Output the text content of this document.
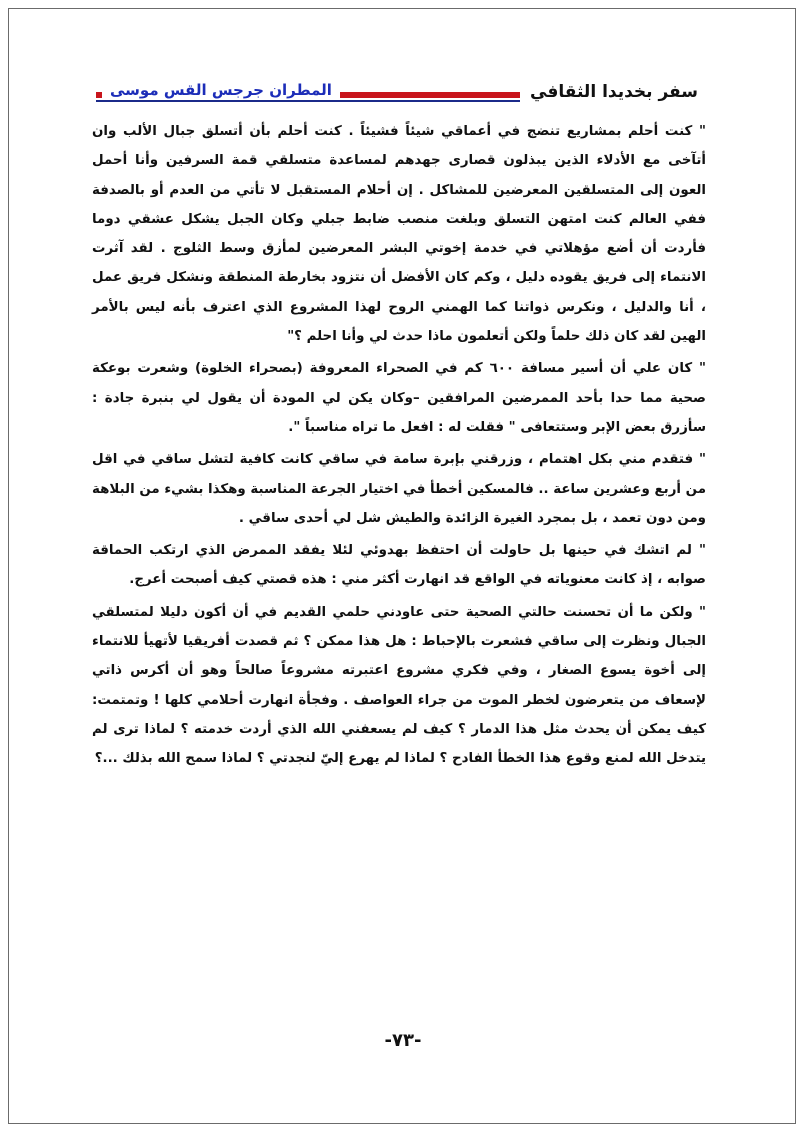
سفر بخديدا الثقافي
المطران جرجس القس موسى

" كنت أحلم بمشاريع تنضج في أعماقي شيئاً فشيئاً . كنت أحلم بأن أتسلق جبال الألب وان أتآخى مع الأدلاء الذين يبذلون قصارى جهدهم لمساعدة متسلقي قمة السرفين وأنا أحمل العون إلى المتسلقين المعرضين للمشاكل . إن أحلام المستقبل لا تأتي من العدم أو بالصدفة ففي العالم كنت امتهن التسلق وبلغت منصب ضابط جبلي وكان الجبل يشكل عشقي دوما فأردت أن أضع مؤهلاتي في خدمة إخوتي البشر المعرضين لمأزق وسط الثلوج . لقد آثرت الانتماء إلى فريق يقوده دليل ، وكم كان الأفضل أن نتزود بخارطة المنطقة ونشكل فريق عمل ، أنا والدليل ، ونكرس ذواتنا كما الهمني الروح لهذا المشروع الذي اعترف بأنه ليس بالأمر الهين لقد كان ذلك حلماً ولكن أتعلمون ماذا حدث لي وأنا احلم ؟"

" كان علي أن أسير مسافة ٦٠٠ كم في الصحراء المعروفة (بصحراء الخلوة) وشعرت بوعكة صحية مما حدا بأحد الممرضين المرافقين –وكان يكن لي المودة أن يقول لي بنبرة جادة : سأزرق بعض الإبر وستتعافى " فقلت له : افعل ما تراه مناسباً ".

" فتقدم مني بكل اهتمام ، وزرقني بإبرة سامة في ساقي كانت كافية لتشل ساقي في اقل من أربع وعشرين ساعة .. فالمسكين أخطأ في اختيار الجرعة المناسبة وهكذا بشيء من البلاهة ومن دون تعمد ، بل بمجرد الغيرة الزائدة والطيش شل لي أحدى ساقي .

" لم اتشك في حينها بل حاولت أن احتفظ بهدوئي لئلا يفقد الممرض الذي ارتكب الحماقة صوابه ، إذ كانت معنوياته في الواقع قد انهارت أكثر مني : هذه قصتي كيف أصبحت أعرج.

" ولكن ما أن تحسنت حالتي الصحية حتى عاودني حلمي القديم في أن أكون دليلا لمتسلقي الجبال ونظرت إلى ساقي فشعرت بالإحباط : هل هذا ممكن ؟ ثم قصدت أفريقيا لأتهيأ للانتماء إلى أخوة يسوع الصغار ، وفي فكري مشروع اعتبرته مشروعاً صالحاً وهو أن أكرس ذاتي لإسعاف من يتعرضون لخطر الموت من جراء العواصف . وفجأة انهارت أحلامي كلها ! وتمتمت: كيف يمكن أن يحدث مثل هذا الدمار ؟ كيف لم يسعفني الله الذي أردت خدمته ؟ لماذا ترى لم يتدخل الله لمنع وقوع هذا الخطأ الفادح ؟ لماذا لم يهرع إليّ لنجدتي ؟ لماذا سمح الله بذلك ...؟

-٧٣-
